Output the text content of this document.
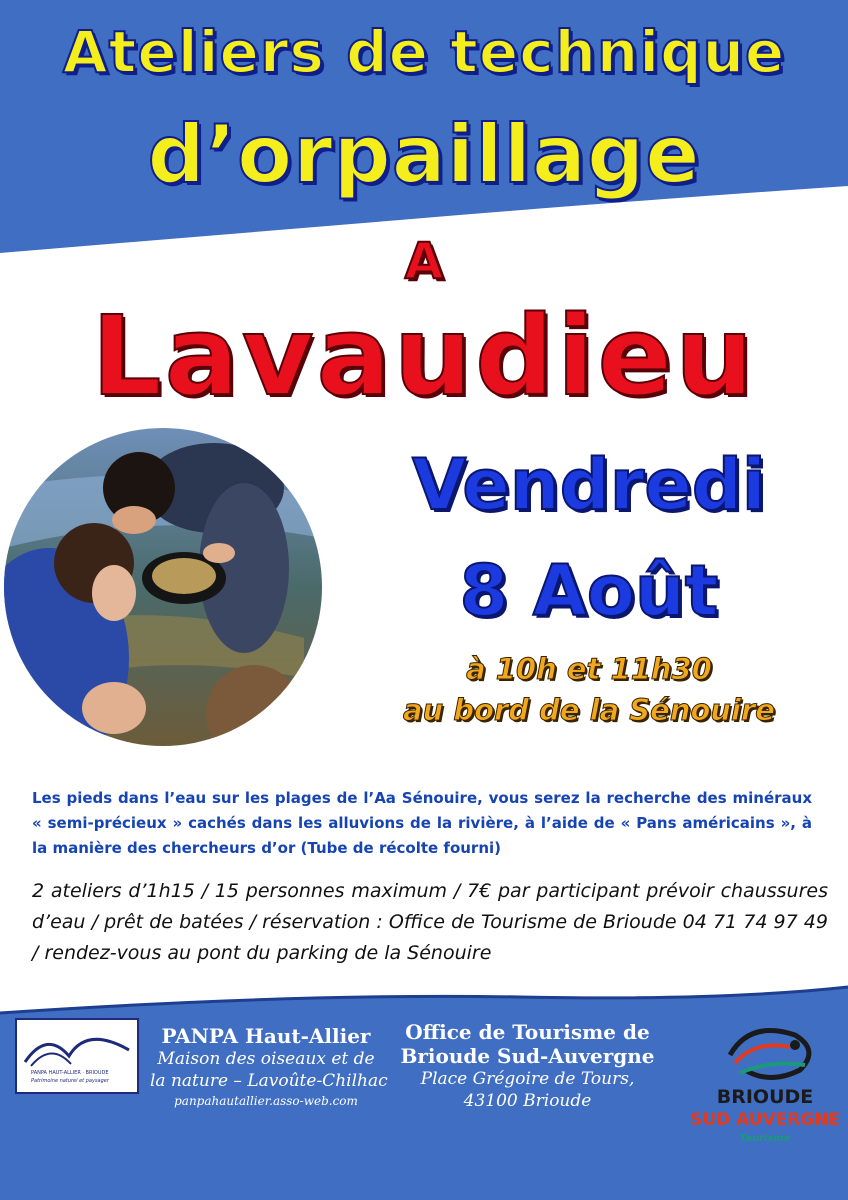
Ateliers de technique
d’orpaillage
A
Lavaudieu
Vendredi
8 Août
à 10h et 11h30
au bord de la Sénouire
Les pieds dans l’eau sur les plages de l’Aa Sénouire, vous serez la recherche des minéraux « semi-précieux » cachés dans les alluvions de la rivière, à l’aide de « Pans américains », à la manière des chercheurs d’or (Tube de récolte fourni)
2 ateliers d’1h15 / 15 personnes maximum / 7€ par participant prévoir chaussures d’eau / prêt de batées / réservation : Office de Tourisme de Brioude 04 71 74 97 49 / rendez-vous au pont du parking de la Sénouire
PANPA HAUT-ALLIER · BRIOUDE
Patrimoine naturel et paysager
PANPA Haut-Allier
Maison des oiseaux et de
la nature – Lavoûte-Chilhac
panpahautallier.asso-web.com
Office de Tourisme de
Brioude Sud-Auvergne
Place Grégoire de Tours,
43100 Brioude	BRIOUDE
SUD AUVERGNE
Tourisme
